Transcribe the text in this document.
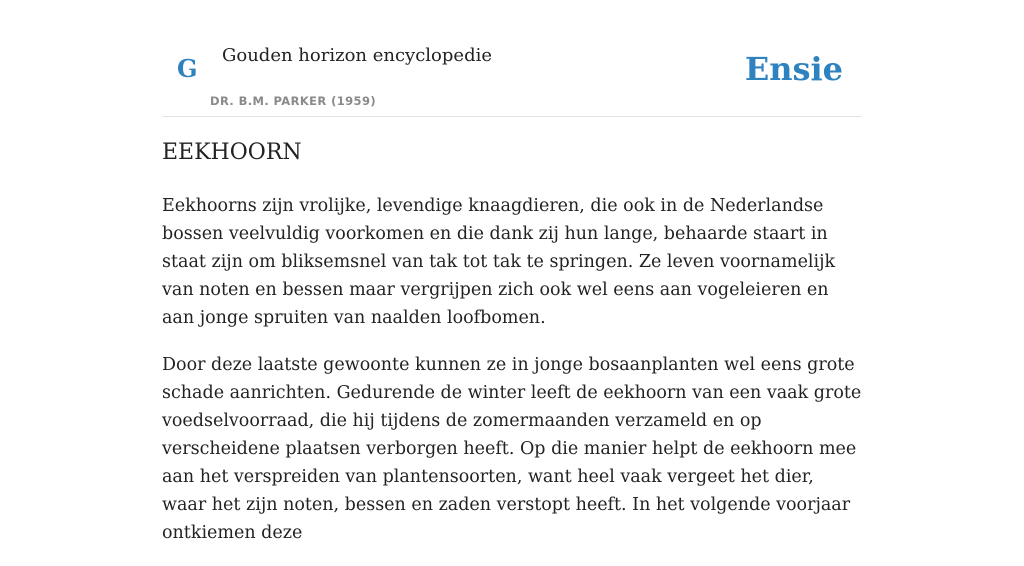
G Gouden horizon encyclopedie
DR. B.M. PARKER (1959)
Ensie
EEKHOORN

Eekhoorns zijn vrolijke, levendige knaagdieren, die ook in de Nederlandse bossen veelvuldig voorkomen en die dank zij hun lange, behaarde staart in staat zijn om bliksemsnel van tak tot tak te springen. Ze leven voornamelijk van noten en bessen maar vergrijpen zich ook wel eens aan vogeleieren en aan jonge spruiten van naalden loofbomen.

Door deze laatste gewoonte kunnen ze in jonge bosaanplanten wel eens grote schade aanrichten. Gedurende de winter leeft de eekhoorn van een vaak grote voedselvoorraad, die hij tijdens de zomermaanden verzameld en op verscheidene plaatsen verborgen heeft. Op die manier helpt de eekhoorn mee aan het verspreiden van plantensoorten, want heel vaak vergeet het dier, waar het zijn noten, bessen en zaden verstopt heeft. In het volgende voorjaar ontkiemen deze
